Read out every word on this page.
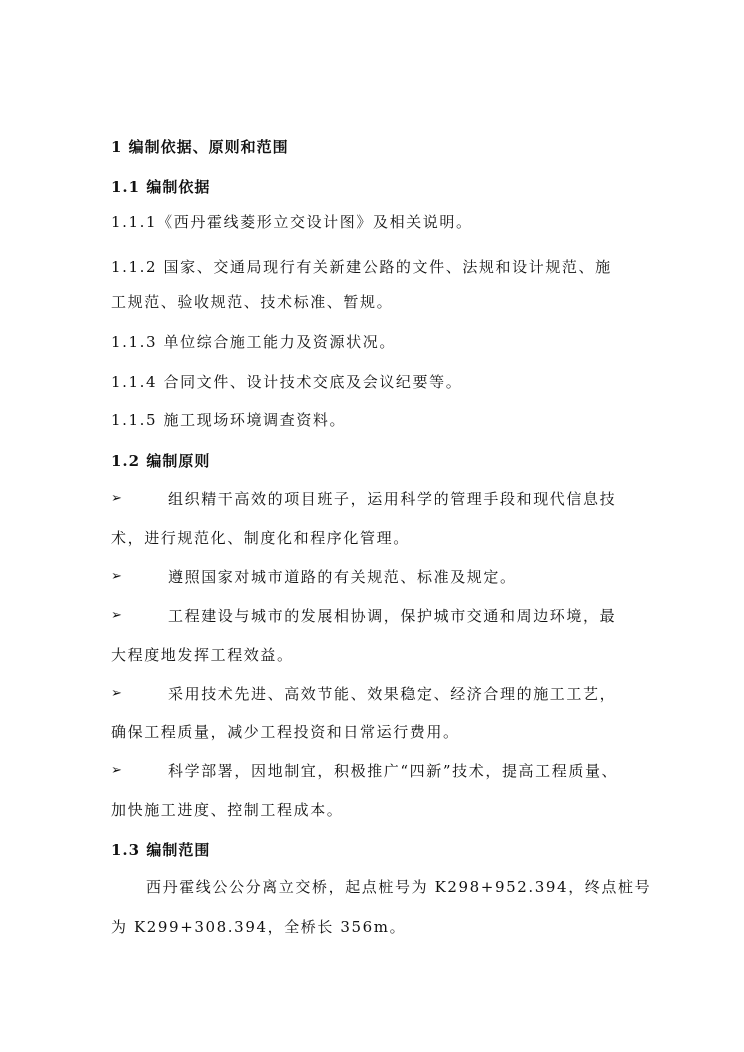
1 编制依据、原则和范围
1.1 编制依据
1.1.1《西丹霍线菱形立交设计图》及相关说明。
1.1.2 国家、交通局现行有关新建公路的文件、法规和设计规范、施
工规范、验收规范、技术标准、暂规。
1.1.3 单位综合施工能力及资源状况。
1.1.4 合同文件、设计技术交底及会议纪要等。
1.1.5 施工现场环境调查资料。
1.2 编制原则
➢	组织精干高效的项目班子，运用科学的管理手段和现代信息技
术，进行规范化、制度化和程序化管理。
➢	遵照国家对城市道路的有关规范、标准及规定。
➢	工程建设与城市的发展相协调，保护城市交通和周边环境，最
大程度地发挥工程效益。
➢	采用技术先进、高效节能、效果稳定、经济合理的施工工艺，
确保工程质量，减少工程投资和日常运行费用。
➢	科学部署，因地制宜，积极推广“四新”技术，提高工程质量、
加快施工进度、控制工程成本。
1.3 编制范围
西丹霍线公公分离立交桥，起点桩号为 K298+952.394，终点桩号
为 K299+308.394，全桥长 356m。
